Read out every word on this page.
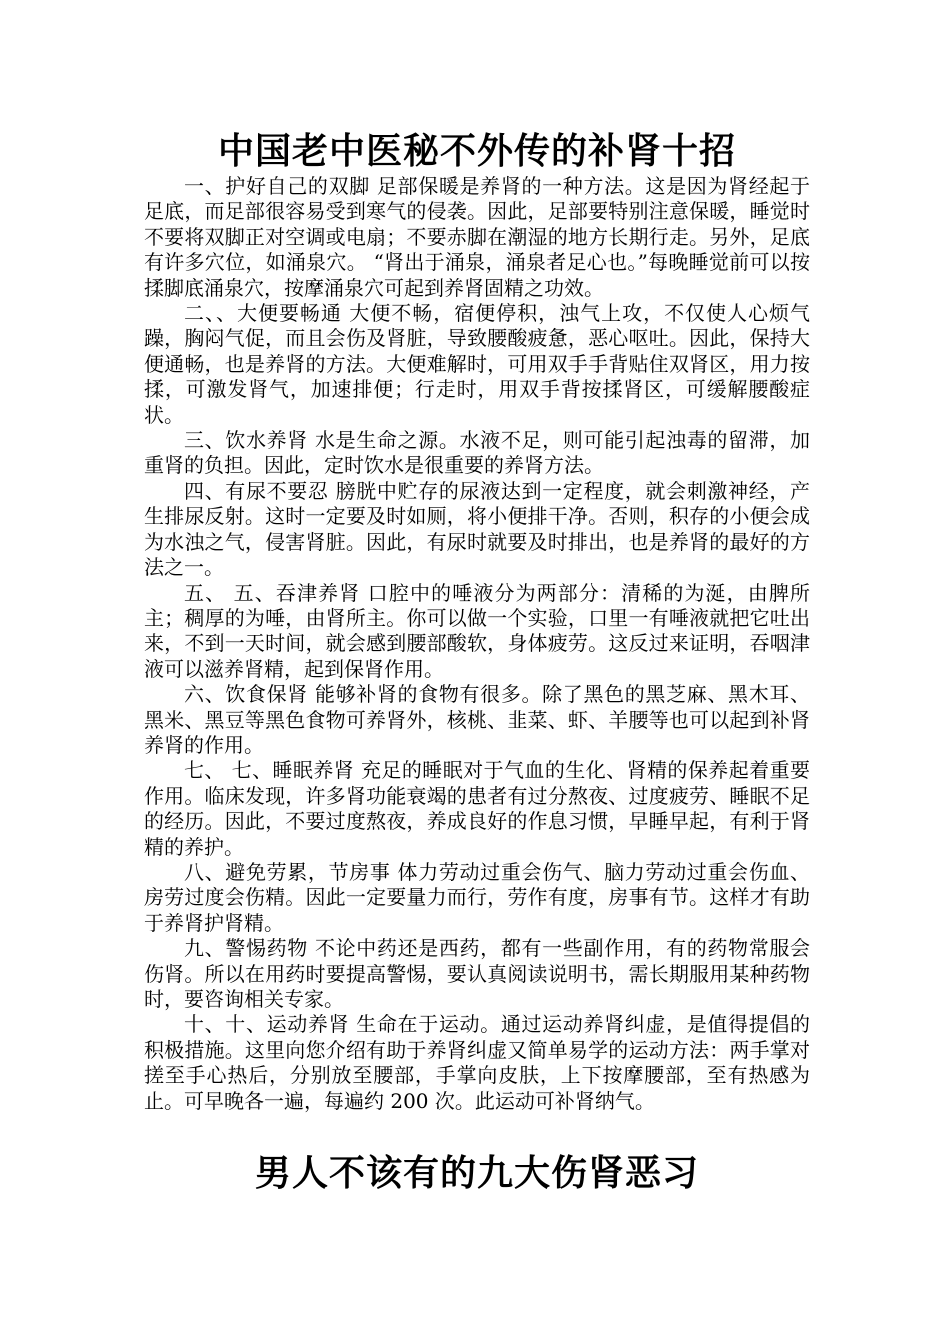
中国老中医秘不外传的补肾十招

一、护好自己的双脚 足部保暖是养肾的一种方法。这是因为肾经起于足底，而足部很容易受到寒气的侵袭。因此，足部要特别注意保暖，睡觉时不要将双脚正对空调或电扇；不要赤脚在潮湿的地方长期行走。另外，足底有许多穴位，如涌泉穴。 “肾出于涌泉，涌泉者足心也。”每晚睡觉前可以按揉脚底涌泉穴，按摩涌泉穴可起到养肾固精之功效。

二、、大便要畅通 大便不畅，宿便停积，浊气上攻，不仅使人心烦气躁，胸闷气促，而且会伤及肾脏，导致腰酸疲惫，恶心呕吐。因此，保持大便通畅，也是养肾的方法。大便难解时，可用双手手背贴住双肾区，用力按揉，可激发肾气，加速排便；行走时，用双手背按揉肾区，可缓解腰酸症状。

三、饮水养肾 水是生命之源。水液不足，则可能引起浊毒的留滞，加重肾的负担。因此，定时饮水是很重要的养肾方法。

四、有尿不要忍 膀胱中贮存的尿液达到一定程度，就会刺激神经，产生排尿反射。这时一定要及时如厕，将小便排干净。否则，积存的小便会成为水浊之气，侵害肾脏。因此，有尿时就要及时排出，也是养肾的最好的方法之一。

五、 五、吞津养肾 口腔中的唾液分为两部分：清稀的为涎，由脾所主；稠厚的为唾，由肾所主。你可以做一个实验，口里一有唾液就把它吐出来，不到一天时间，就会感到腰部酸软，身体疲劳。这反过来证明，吞咽津液可以滋养肾精，起到保肾作用。

六、饮食保肾 能够补肾的食物有很多。除了黑色的黑芝麻、黑木耳、黑米、黑豆等黑色食物可养肾外，核桃、韭菜、虾、羊腰等也可以起到补肾养肾的作用。

七、 七、睡眠养肾 充足的睡眠对于气血的生化、肾精的保养起着重要作用。临床发现，许多肾功能衰竭的患者有过分熬夜、过度疲劳、睡眠不足的经历。因此，不要过度熬夜，养成良好的作息习惯，早睡早起，有利于肾精的养护。

八、避免劳累，节房事 体力劳动过重会伤气、脑力劳动过重会伤血、房劳过度会伤精。因此一定要量力而行，劳作有度，房事有节。这样才有助于养肾护肾精。

九、警惕药物 不论中药还是西药，都有一些副作用，有的药物常服会伤肾。所以在用药时要提高警惕，要认真阅读说明书，需长期服用某种药物时，要咨询相关专家。

十、十、运动养肾 生命在于运动。通过运动养肾纠虚，是值得提倡的积极措施。这里向您介绍有助于养肾纠虚又简单易学的运动方法：两手掌对搓至手心热后，分别放至腰部，手掌向皮肤，上下按摩腰部，至有热感为止。可早晚各一遍，每遍约 200 次。此运动可补肾纳气。

男人不该有的九大伤肾恶习
